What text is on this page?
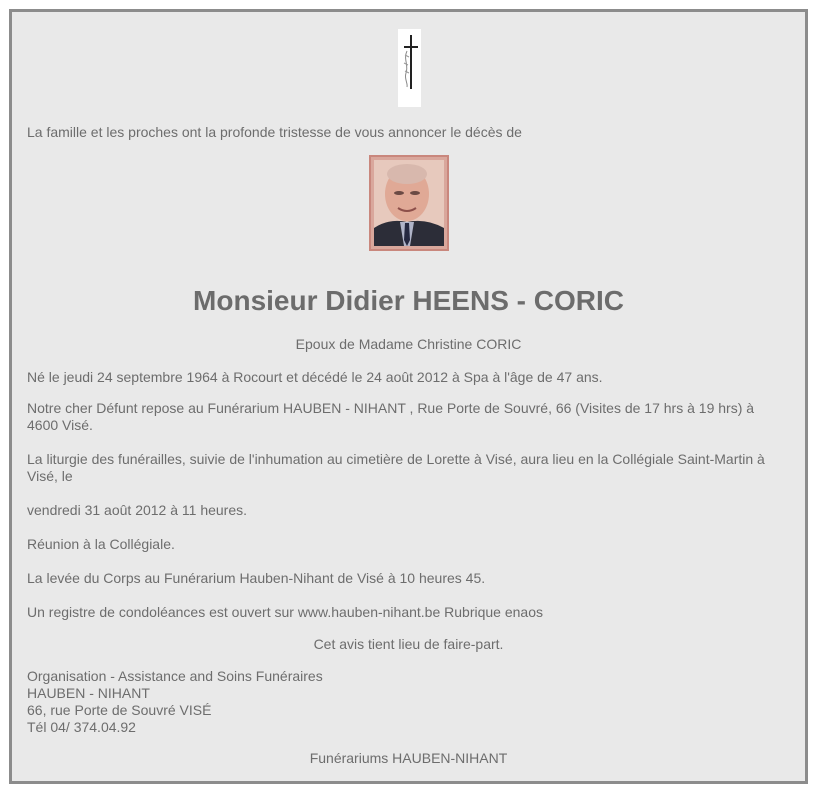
La famille et les proches ont la profonde tristesse de vous annoncer le décès de
Monsieur Didier HEENS - CORIC
Epoux de Madame Christine CORIC
Né le jeudi 24 septembre 1964 à Rocourt et décédé le 24 août 2012 à Spa à l'âge de 47 ans.
Notre cher Défunt repose au Funérarium HAUBEN - NIHANT , Rue Porte de Souvré, 66 (Visites de 17 hrs à 19 hrs) à
4600 Visé.
La liturgie des funérailles, suivie de l'inhumation au cimetière de Lorette à Visé, aura lieu en la Collégiale Saint-Martin à
Visé, le
vendredi 31 août 2012 à 11 heures.
Réunion à la Collégiale.
La levée du Corps au Funérarium Hauben-Nihant de Visé à 10 heures 45.
Un registre de condoléances est ouvert sur www.hauben-nihant.be Rubrique enaos
Cet avis tient lieu de faire-part.
Organisation - Assistance and Soins Funéraires
HAUBEN - NIHANT
66, rue Porte de Souvré VISÉ
Tél 04/ 374.04.92
Funérariums HAUBEN-NIHANT
